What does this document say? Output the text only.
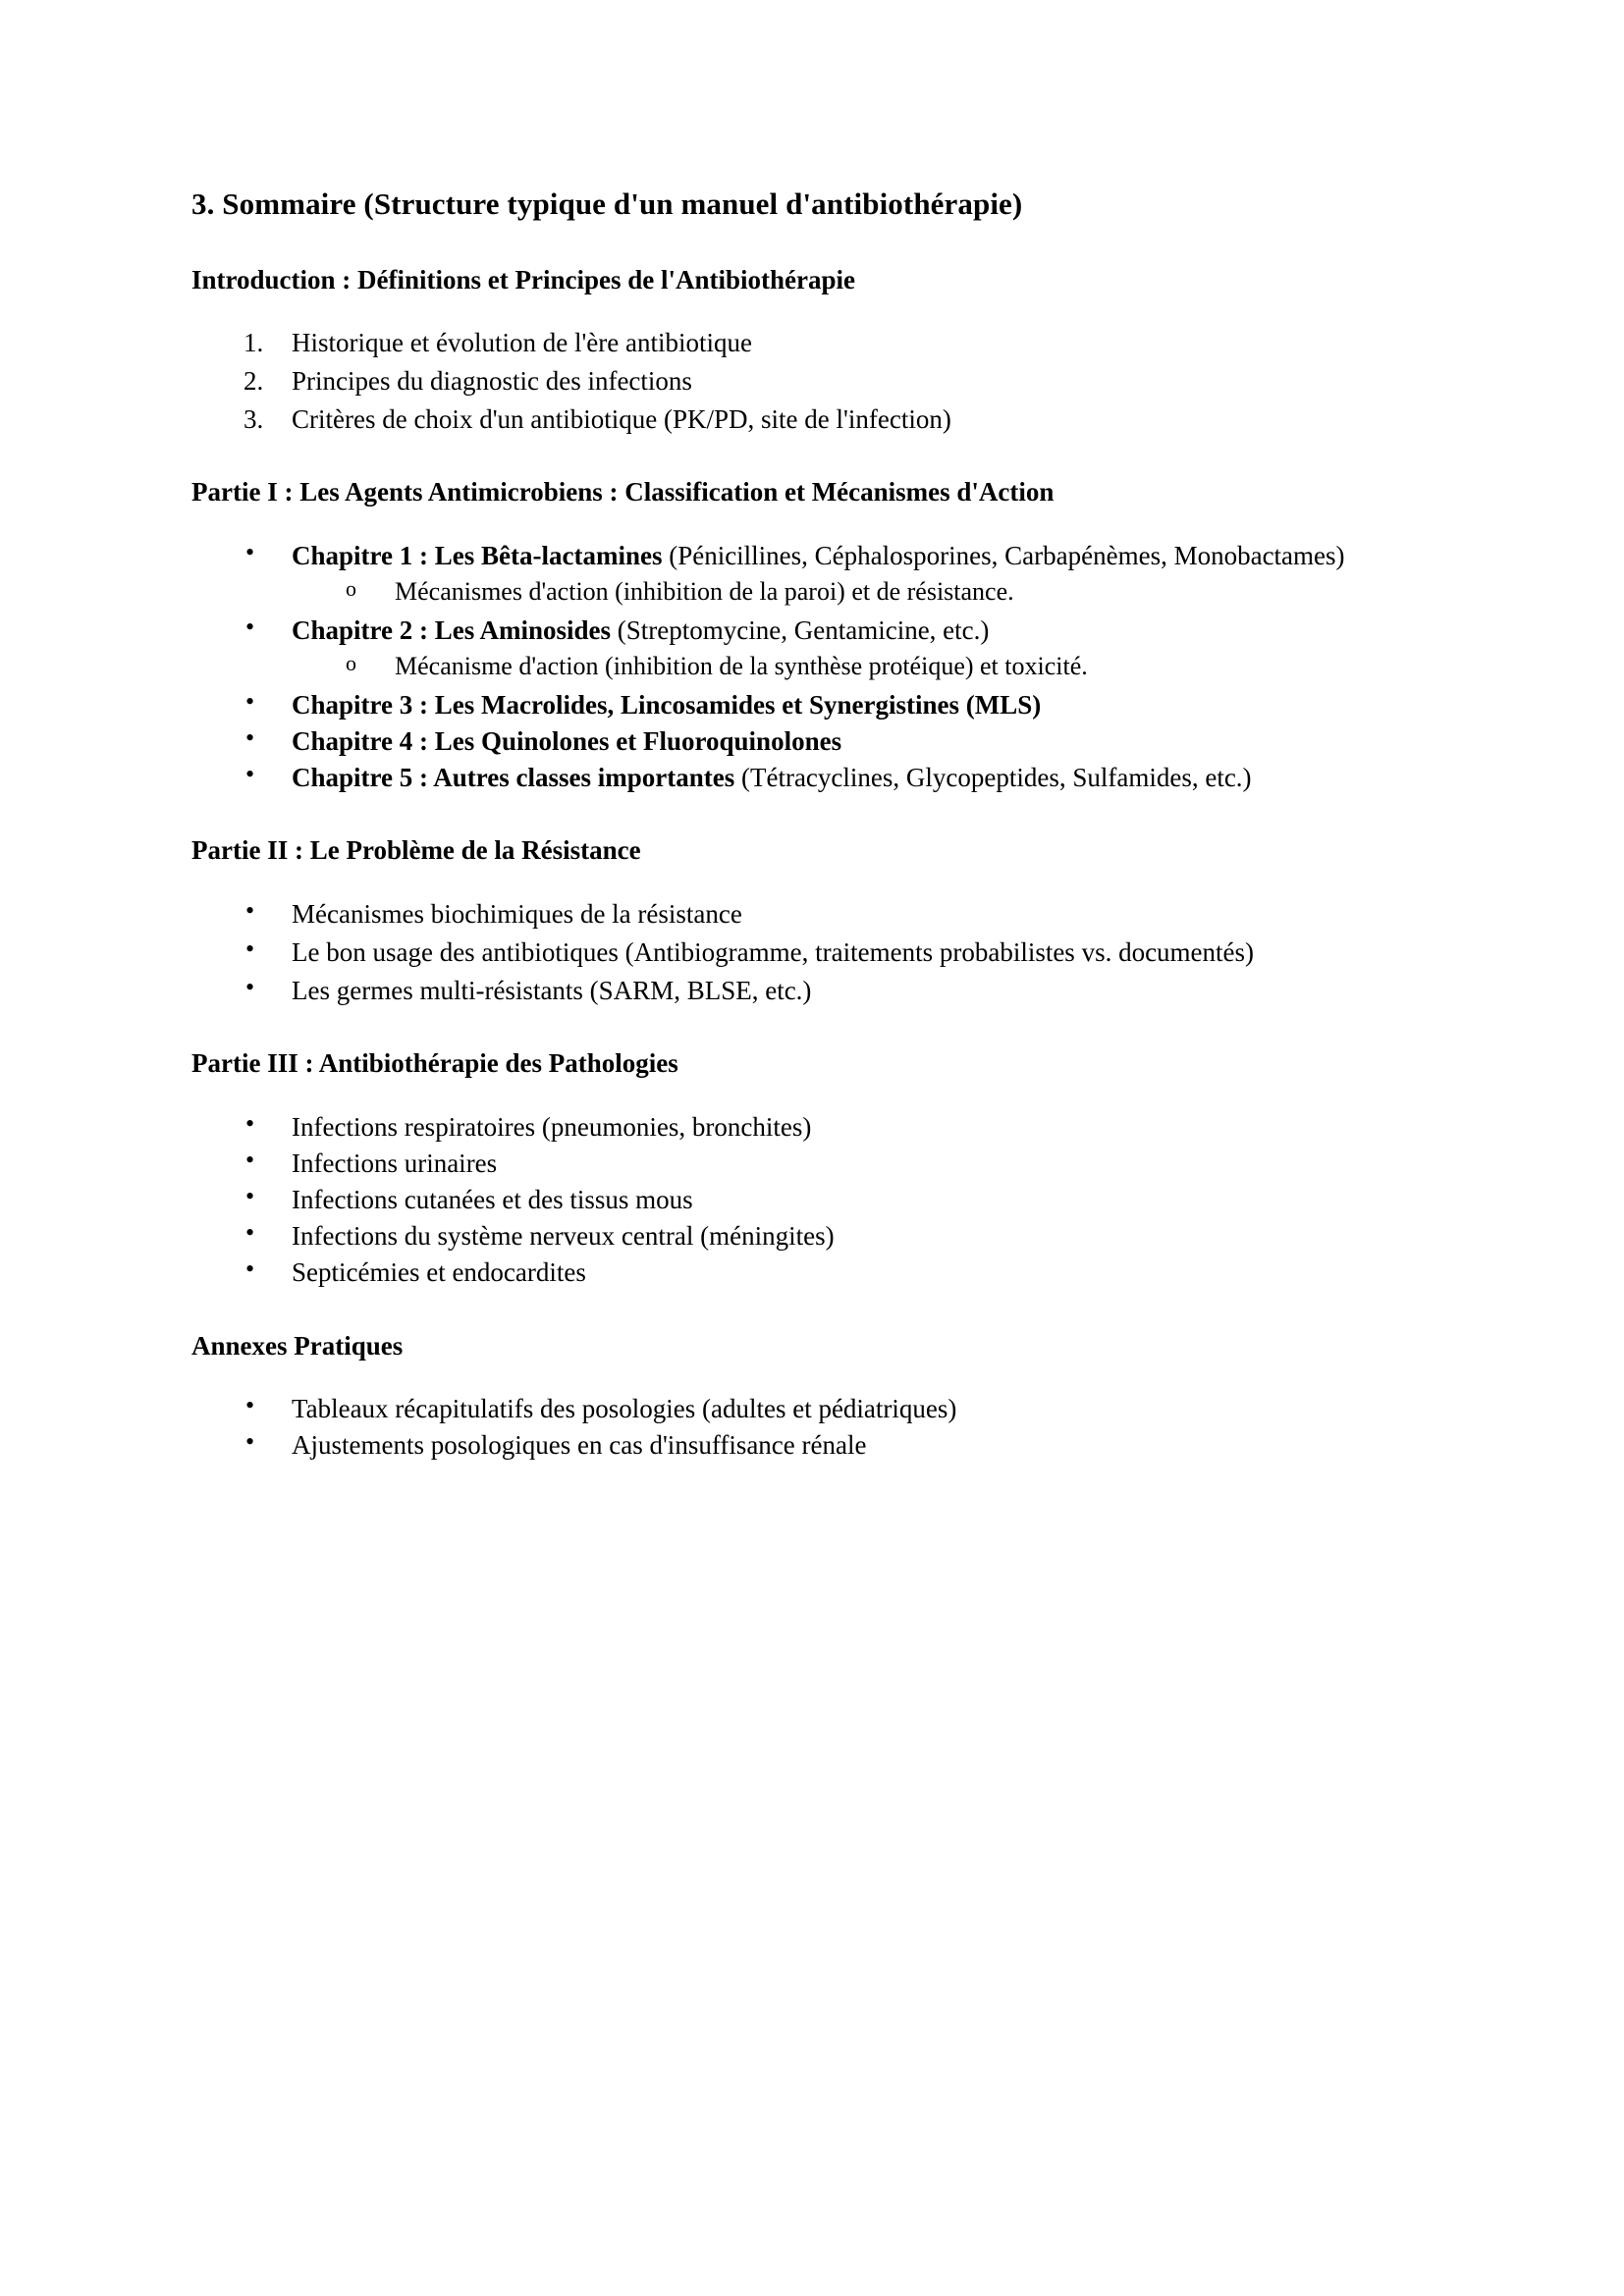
3. Sommaire (Structure typique d'un manuel d'antibiothérapie)
Introduction : Définitions et Principes de l'Antibiothérapie
1.	Historique et évolution de l'ère antibiotique
2.	Principes du diagnostic des infections
3.	Critères de choix d'un antibiotique (PK/PD, site de l'infection)
Partie I : Les Agents Antimicrobiens : Classification et Mécanismes d'Action
• Chapitre 1 : Les Bêta-lactamines (Pénicillines, Céphalosporines, Carbapénèmes, Monobactames)
o Mécanismes d'action (inhibition de la paroi) et de résistance.
• Chapitre 2 : Les Aminosides (Streptomycine, Gentamicine, etc.)
o Mécanisme d'action (inhibition de la synthèse protéique) et toxicité.
• Chapitre 3 : Les Macrolides, Lincosamides et Synergistines (MLS)
• Chapitre 4 : Les Quinolones et Fluoroquinolones
• Chapitre 5 : Autres classes importantes (Tétracyclines, Glycopeptides, Sulfamides, etc.)
Partie II : Le Problème de la Résistance
• Mécanismes biochimiques de la résistance
• Le bon usage des antibiotiques (Antibiogramme, traitements probabilistes vs. documentés)
• Les germes multi-résistants (SARM, BLSE, etc.)
Partie III : Antibiothérapie des Pathologies
• Infections respiratoires (pneumonies, bronchites)
• Infections urinaires
• Infections cutanées et des tissus mous
• Infections du système nerveux central (méningites)
• Septicémies et endocardites
Annexes Pratiques
• Tableaux récapitulatifs des posologies (adultes et pédiatriques)
• Ajustements posologiques en cas d'insuffisance rénale
